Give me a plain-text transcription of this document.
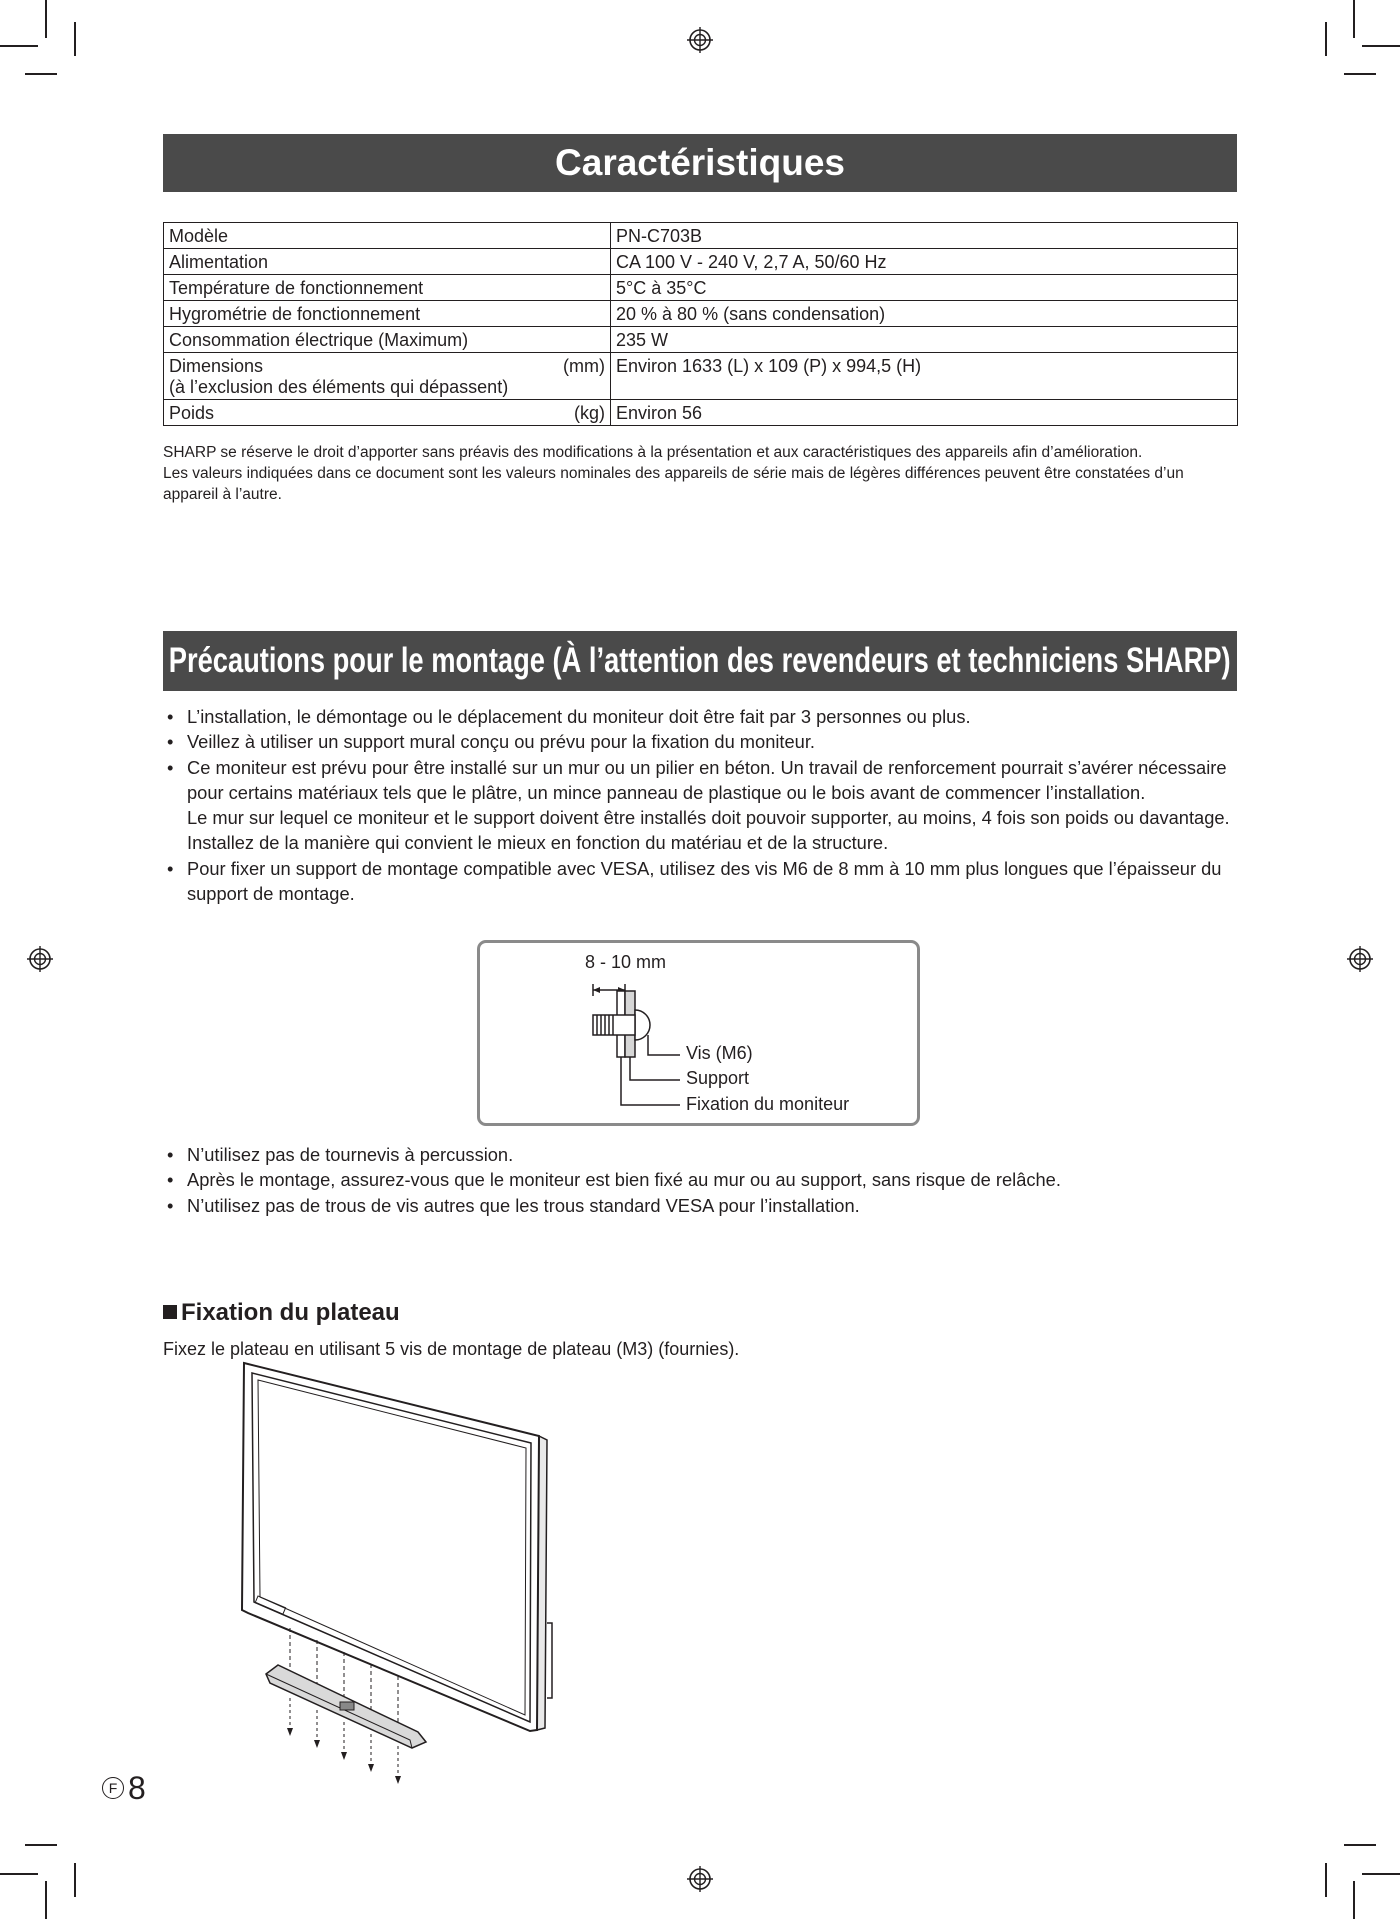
Caractéristiques
Modèle	PN-C703B
Alimentation	CA 100 V - 240 V, 2,7 A, 50/60 Hz
Température de fonctionnement	5°C à 35°C
Hygrométrie de fonctionnement	20 % à 80 % (sans condensation)
Consommation électrique (Maximum)	235 W

Dimensions (mm)
(à l’exclusion des éléments qui dépassent)	Environ 1633 (L) x 109 (P) x 994,5 (H)

Poids (kg)	Environ 56
SHARP se réserve le droit d’apporter sans préavis des modifications à la présentation et aux caractéristiques des appareils afin d’amélioration.
Les valeurs indiquées dans ce document sont les valeurs nominales des appareils de série mais de légères différences peuvent être constatées d’un appareil à l’autre.
Précautions pour le montage (À l’attention des revendeurs et techniciens SHARP)
• L’installation, le démontage ou le déplacement du moniteur doit être fait par 3 personnes ou plus.
• Veillez à utiliser un support mural conçu ou prévu pour la fixation du moniteur.
• Ce moniteur est prévu pour être installé sur un mur ou un pilier en béton. Un travail de renforcement pourrait s’avérer nécessaire pour certains matériaux tels que le plâtre, un mince panneau de plastique ou le bois avant de commencer l’installation.
Le mur sur lequel ce moniteur et le support doivent être installés doit pouvoir supporter, au moins, 4 fois son poids ou davantage. Installez de la manière qui convient le mieux en fonction du matériau et de la structure.
• Pour fixer un support de montage compatible avec VESA, utilisez des vis M6 de 8 mm à 10 mm plus longues que l’épaisseur du support de montage.
8 - 10 mm
Vis (M6)
Support
Fixation du moniteur
• N’utilisez pas de tournevis à percussion.
• Après le montage, assurez-vous que le moniteur est bien fixé au mur ou au support, sans risque de relâche.
• N’utilisez pas de trous de vis autres que les trous standard VESA pour l’installation.
Fixation du plateau
Fixez le plateau en utilisant 5 vis de montage de plateau (M3) (fournies).
F 8
